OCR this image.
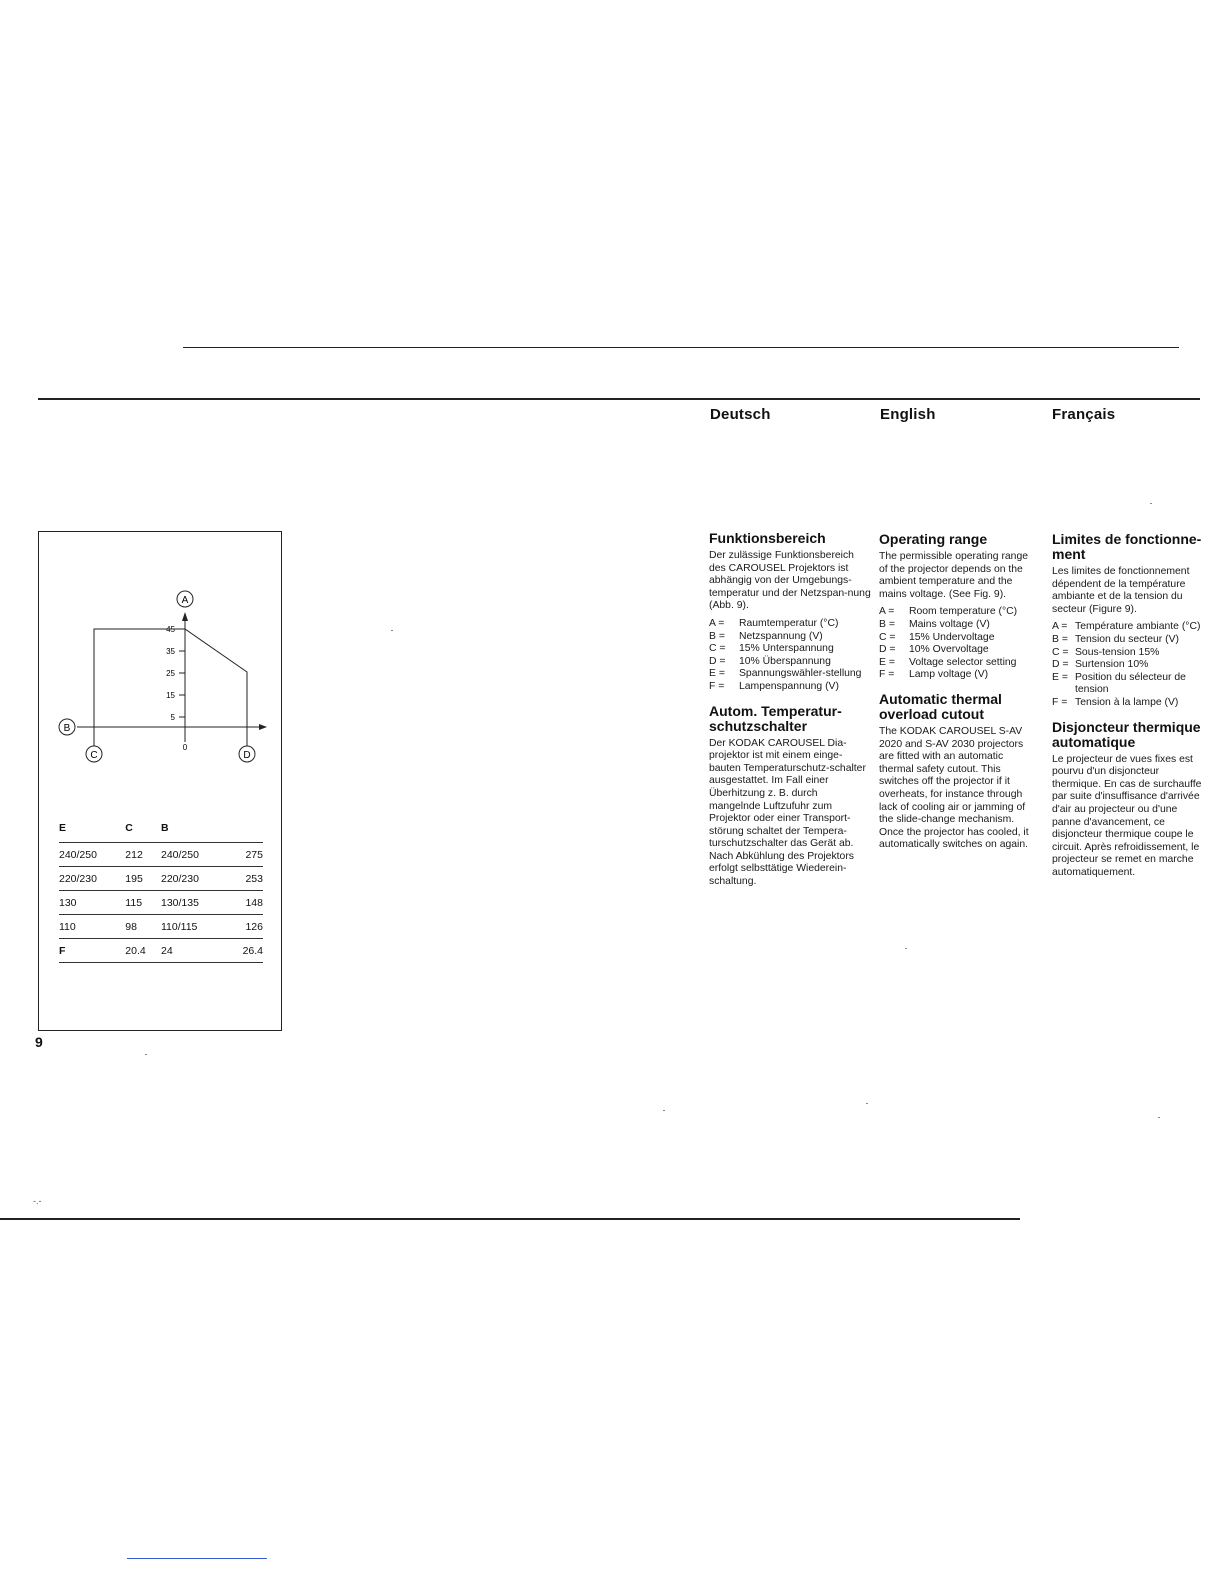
Deutsch	English	Français
45
35
25
15
5
0
A
B
C	D
E	C	B	
240/250	212	240/250	275
220/230	195	220/230	253
130	115	130/135	148
110	98	110/115	126
F	20.4	24	26.4
9
-.-
Funktionsbereich

Der zulässige Funktionsbereich des CAROUSEL Projektors ist abhängig von der Umgebungs-temperatur und der Netzspan-nung (Abb. 9).

A =	Raumtemperatur (°C)
B =	Netzspannung (V)
C =	15% Unterspannung
D =	10% Überspannung
E =	Spannungswähler-stellung
F =	Lampenspannung (V)
Autom. Temperatur-schutzschalter

Der KODAK CAROUSEL Dia-projektor ist mit einem einge-bauten Temperaturschutz-schalter ausgestattet. Im Fall einer Überhitzung z. B. durch mangelnde Luftzufuhr zum Projektor oder einer Transport-störung schaltet der Tempera-turschutzschalter das Gerät ab. Nach Abkühlung des Projektors erfolgt selbsttätige Wiederein-schaltung.

Operating range

The permissible operating range of the projector depends on the ambient temperature and the mains voltage. (See Fig. 9).

A =	Room temperature (°C)
B =	Mains voltage (V)
C =	15% Undervoltage
D =	10% Overvoltage
E =	Voltage selector setting
F =	Lamp voltage (V)
Automatic thermal overload cutout

The KODAK CAROUSEL S-AV 2020 and S-AV 2030 projectors are fitted with an automatic thermal safety cutout. This switches off the projector if it overheats, for instance through lack of cooling air or jamming of the slide-change mechanism. Once the projector has cooled, it automatically switches on again.

Limites de fonctionne-ment

Les limites de fonctionnement dépendent de la température ambiante et de la tension du secteur (Figure 9).

A = Température ambiante (°C)
B = Tension du secteur (V)
C = Sous-tension 15%
D = Surtension 10%
E = Position du sélecteur de tension
F = Tension à la lampe (V)
Disjoncteur thermique automatique

Le projecteur de vues fixes est pourvu d'un disjoncteur thermique. En cas de surchauffe par suite d'insuffisance d'arrivée d'air au projecteur ou d'une panne d'avancement, ce disjoncteur thermique coupe le circuit. Après refroidissement, le projecteur se remet en marche automatiquement.
